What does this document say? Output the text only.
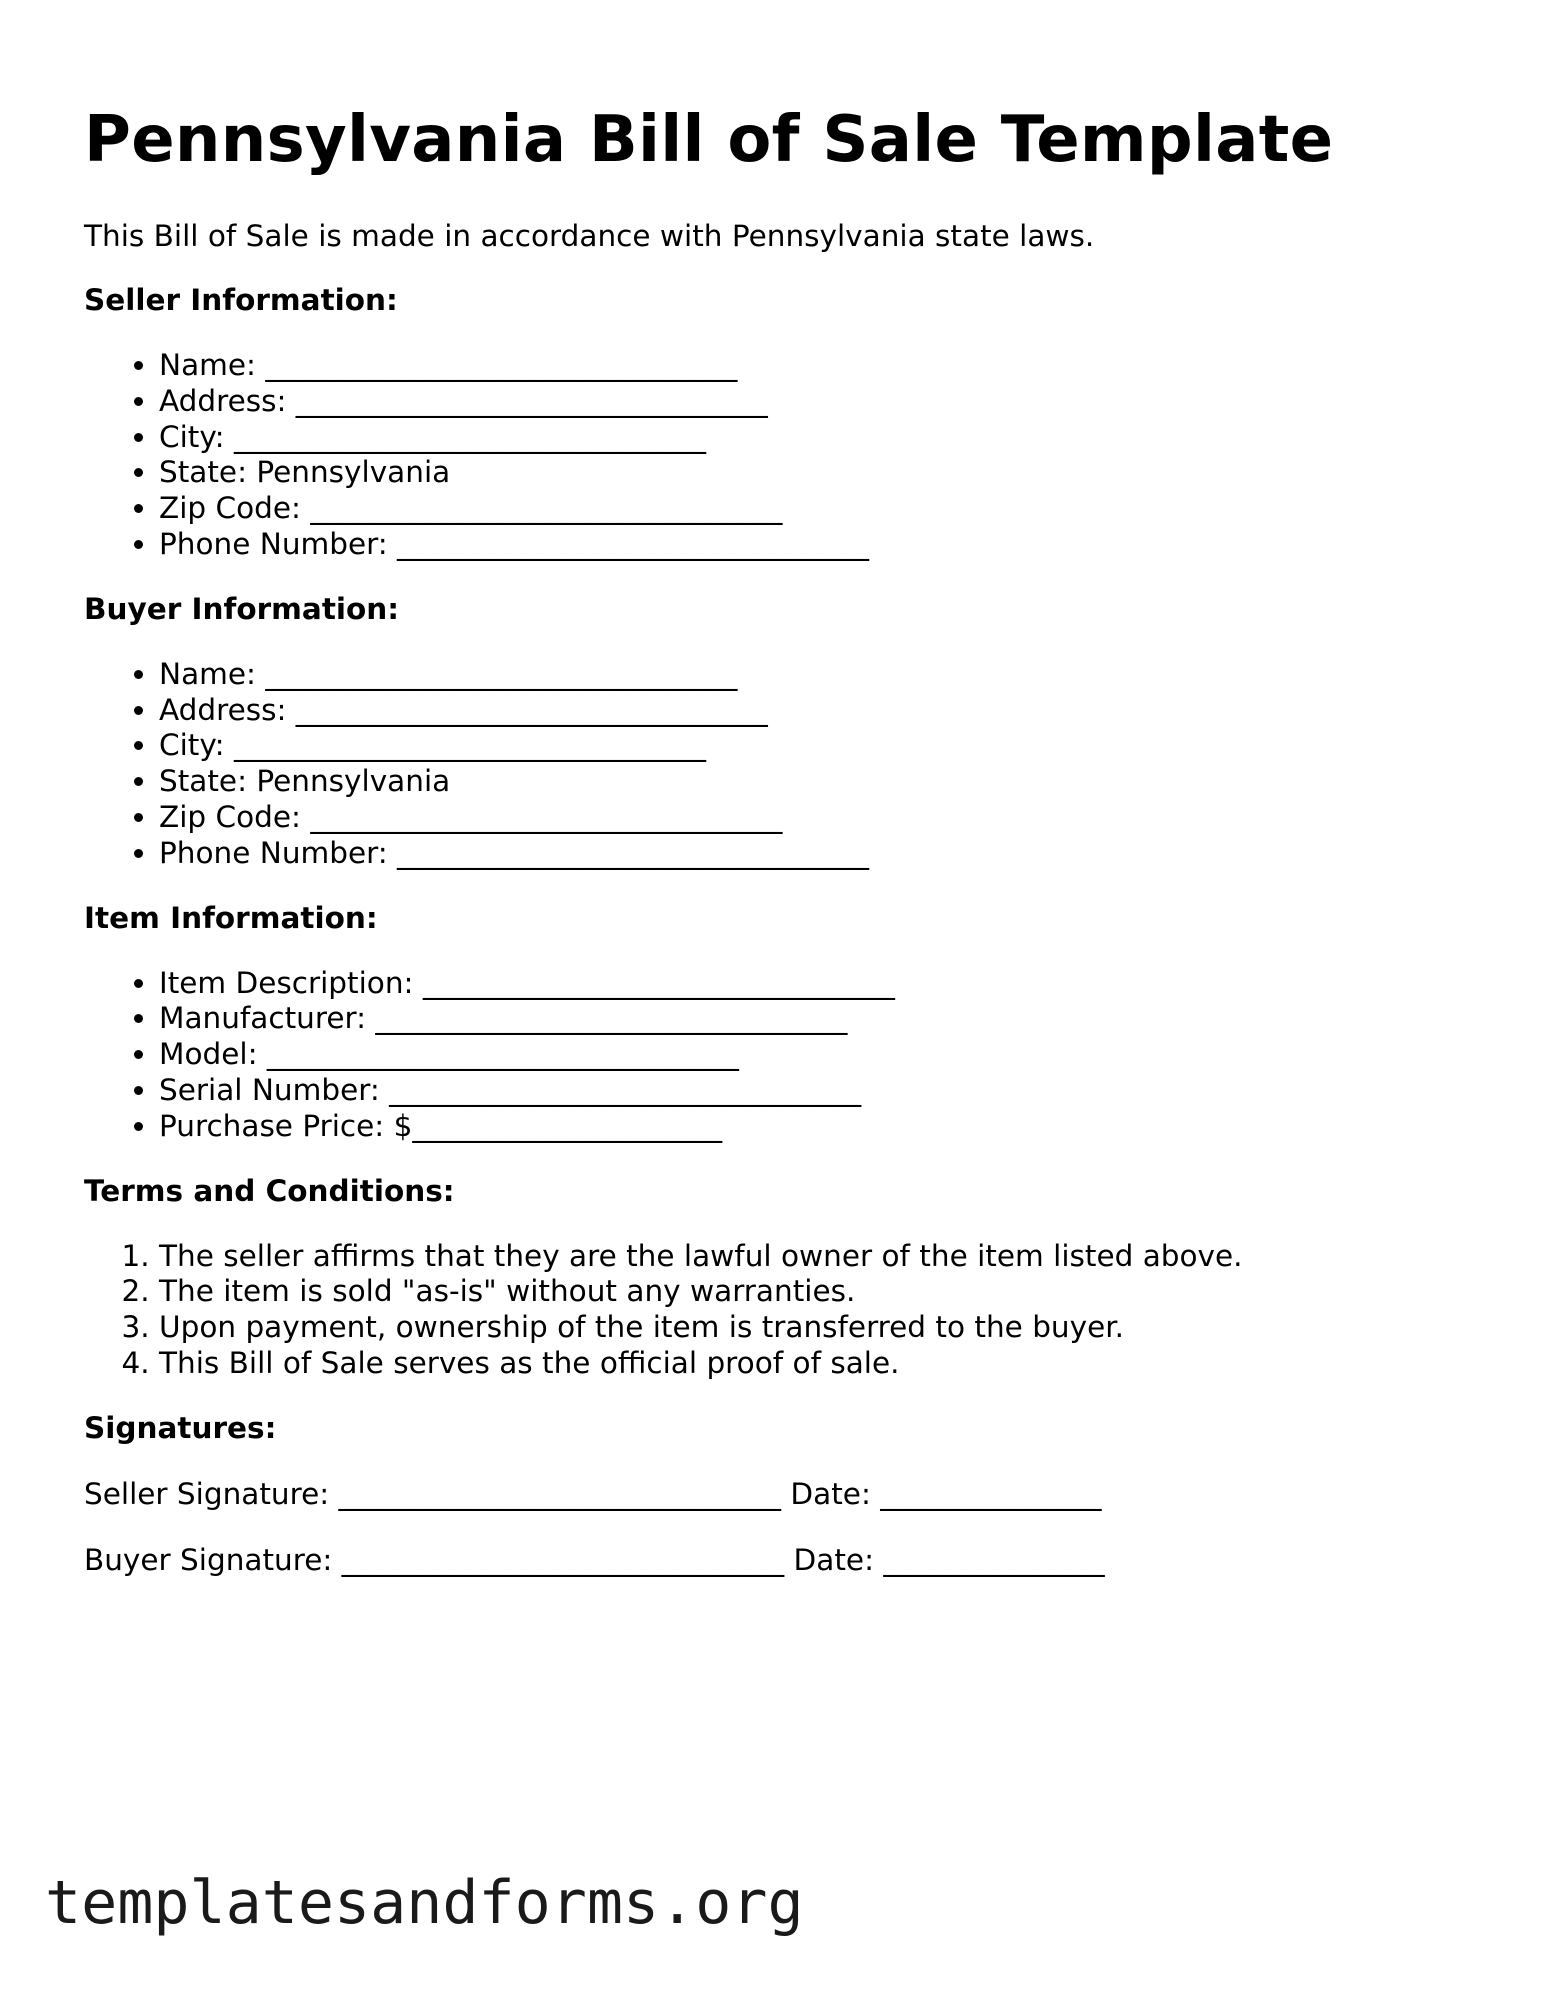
Pennsylvania Bill of Sale Template

This Bill of Sale is made in accordance with Pennsylvania state laws.

Seller Information:
• Name: ________________________________
• Address: ________________________________
• City: ________________________________
• State: Pennsylvania
• Zip Code: ________________________________
• Phone Number: ________________________________
Buyer Information:
• Name: ________________________________
• Address: ________________________________
• City: ________________________________
• State: Pennsylvania
• Zip Code: ________________________________
• Phone Number: ________________________________
Item Information:
• Item Description: ________________________________
• Manufacturer: ________________________________
• Model: ________________________________
• Serial Number: ________________________________
• Purchase Price: $_____________________
Terms and Conditions:
1. The seller affirms that they are the lawful owner of the item listed above.
2. The item is sold "as-is" without any warranties.
3. Upon payment, ownership of the item is transferred to the buyer.
4. This Bill of Sale serves as the official proof of sale.
Signatures:
Seller Signature: ______________________________ Date: _______________
Buyer Signature: ______________________________ Date: _______________
templatesandforms.org
